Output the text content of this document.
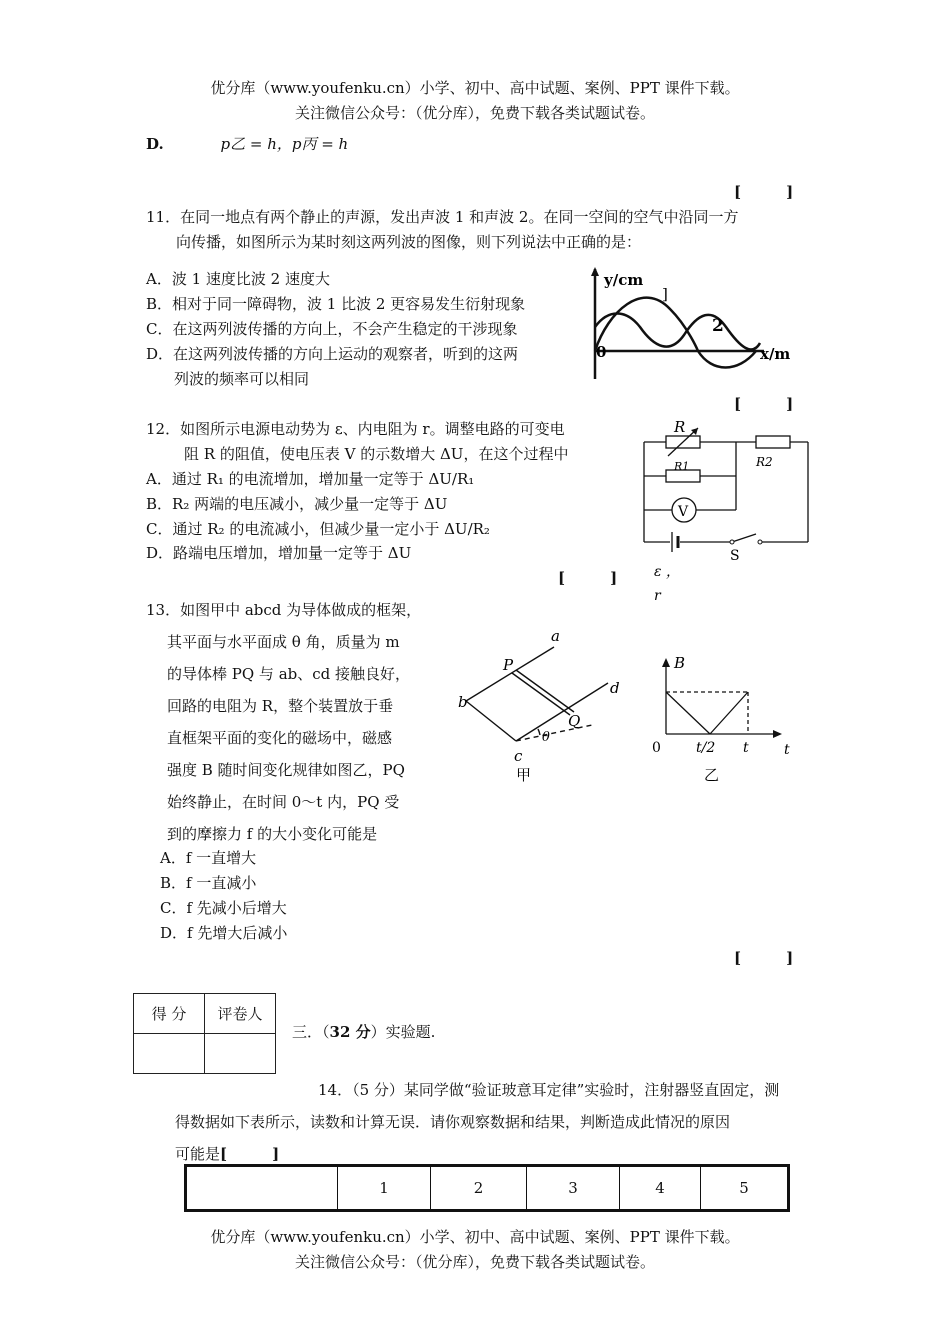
优分库（www.youfenku.cn）小学、初中、高中试题、案例、PPT 课件下载。
关注微信公众号：（优分库），免费下载各类试题试卷。
D.	p乙 = h，p丙 = h
[　　　]
11．在同一地点有两个静止的声源，发出声波 1 和声波 2。在同一空间的空气中沿同一方
向传播，如图所示为某时刻这两列波的图像，则下列说法中正确的是：
A．波 1 速度比波 2 速度大
B．相对于同一障碍物，波 1 比波 2 更容易发生衍射现象
C．在这两列波传播的方向上，不会产生稳定的干涉现象
D．在这两列波传播的方向上运动的观察者，听到的这两
列波的频率可以相同
y/cm
]
2
0	x/m
[　　　]
12．如图所示电源电动势为 ε、内电阻为 r。调整电路的可变电
阻 R 的阻值，使电压表 V 的示数增大 ΔU，在这个过程中
A．通过 R₁ 的电流增加，增加量一定等于 ΔU/R₁
B．R₂ 两端的电压减小，减少量一定等于 ΔU
C．通过 R₂ 的电流减小，但减少量一定小于 ΔU/R₂
D．路端电压增加，增加量一定等于 ΔU
R
R1	R2
V
S
ε ，
r
[　　　]
13．如图甲中 abcd 为导体做成的框架，
其平面与水平面成 θ 角，质量为 m
的导体棒 PQ 与 ab、cd 接触良好，
回路的电阻为 R，整个装置放于垂
直框架平面的变化的磁场中，磁感
强度 B 随时间变化规律如图乙，PQ
始终静止，在时间 0～t 内，PQ 受
到的摩擦力 f 的大小变化可能是
A．f 一直增大
B．f 一直减小
C．f 先减小后增大
D．f 先增大后减小
a
P
d
b
Q
θ
c
甲
B
0	t/2 t	t
乙
[　　　]
得 分	评卷人

三．（32 分）实验题.
14．（5 分）某同学做“验证玻意耳定律”实验时，注射器竖直固定，测
得数据如下表所示，读数和计算无误．请你观察数据和结果，判断造成此情况的原因
可能是[　　　]
	1	2	3	4	5
优分库（www.youfenku.cn）小学、初中、高中试题、案例、PPT 课件下载。
关注微信公众号：（优分库），免费下载各类试题试卷。
